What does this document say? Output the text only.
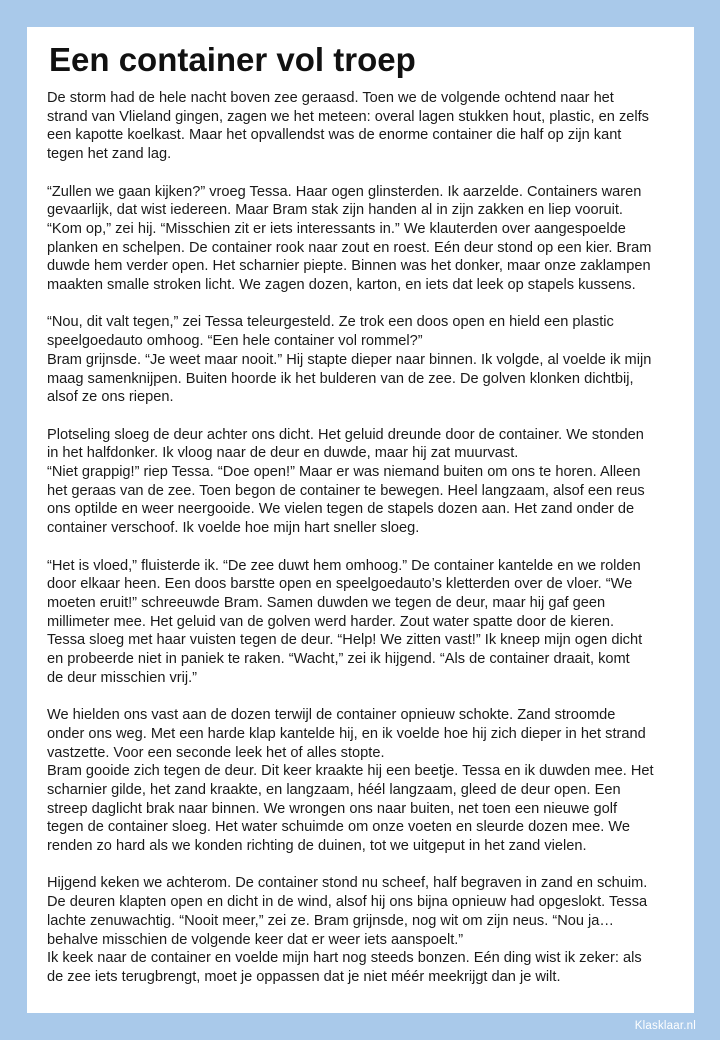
Een container vol troep

De storm had de hele nacht boven zee geraasd. Toen we de volgende ochtend naar het
strand van Vlieland gingen, zagen we het meteen: overal lagen stukken hout, plastic, en zelfs
een kapotte koelkast. Maar het opvallendst was de enorme container die half op zijn kant
tegen het zand lag.

“Zullen we gaan kijken?” vroeg Tessa. Haar ogen glinsterden. Ik aarzelde. Containers waren
gevaarlijk, dat wist iedereen. Maar Bram stak zijn handen al in zijn zakken en liep vooruit.
“Kom op,” zei hij. “Misschien zit er iets interessants in.” We klauterden over aangespoelde
planken en schelpen. De container rook naar zout en roest. Eén deur stond op een kier. Bram
duwde hem verder open. Het scharnier piepte. Binnen was het donker, maar onze zaklampen
maakten smalle stroken licht. We zagen dozen, karton, en iets dat leek op stapels kussens.

“Nou, dit valt tegen,” zei Tessa teleurgesteld. Ze trok een doos open en hield een plastic
speelgoedauto omhoog. “Een hele container vol rommel?”
Bram grijnsde. “Je weet maar nooit.” Hij stapte dieper naar binnen. Ik volgde, al voelde ik mijn
maag samenknijpen. Buiten hoorde ik het bulderen van de zee. De golven klonken dichtbij,
alsof ze ons riepen.

Plotseling sloeg de deur achter ons dicht. Het geluid dreunde door de container. We stonden
in het halfdonker. Ik vloog naar de deur en duwde, maar hij zat muurvast.
“Niet grappig!” riep Tessa. “Doe open!” Maar er was niemand buiten om ons te horen. Alleen
het geraas van de zee. Toen begon de container te bewegen. Heel langzaam, alsof een reus
ons optilde en weer neergooide. We vielen tegen de stapels dozen aan. Het zand onder de
container verschoof. Ik voelde hoe mijn hart sneller sloeg.

“Het is vloed,” fluisterde ik. “De zee duwt hem omhoog.” De container kantelde en we rolden
door elkaar heen. Een doos barstte open en speelgoedauto’s kletterden over de vloer. “We
moeten eruit!” schreeuwde Bram. Samen duwden we tegen de deur, maar hij gaf geen
millimeter mee. Het geluid van de golven werd harder. Zout water spatte door de kieren.
Tessa sloeg met haar vuisten tegen de deur. “Help! We zitten vast!” Ik kneep mijn ogen dicht
en probeerde niet in paniek te raken. “Wacht,” zei ik hijgend. “Als de container draait, komt
de deur misschien vrij.”

We hielden ons vast aan de dozen terwijl de container opnieuw schokte. Zand stroomde
onder ons weg. Met een harde klap kantelde hij, en ik voelde hoe hij zich dieper in het strand
vastzette. Voor een seconde leek het of alles stopte.
Bram gooide zich tegen de deur. Dit keer kraakte hij een beetje. Tessa en ik duwden mee. Het
scharnier gilde, het zand kraakte, en langzaam, héél langzaam, gleed de deur open. Een
streep daglicht brak naar binnen. We wrongen ons naar buiten, net toen een nieuwe golf
tegen de container sloeg. Het water schuimde om onze voeten en sleurde dozen mee. We
renden zo hard als we konden richting de duinen, tot we uitgeput in het zand vielen.

Hijgend keken we achterom. De container stond nu scheef, half begraven in zand en schuim.
De deuren klapten open en dicht in de wind, alsof hij ons bijna opnieuw had opgeslokt. Tessa
lachte zenuwachtig. “Nooit meer,” zei ze. Bram grijnsde, nog wit om zijn neus. “Nou ja…
behalve misschien de volgende keer dat er weer iets aanspoelt.”
Ik keek naar de container en voelde mijn hart nog steeds bonzen. Eén ding wist ik zeker: als
de zee iets terugbrengt, moet je oppassen dat je niet méér meekrijgt dan je wilt.

Klasklaar.nl
